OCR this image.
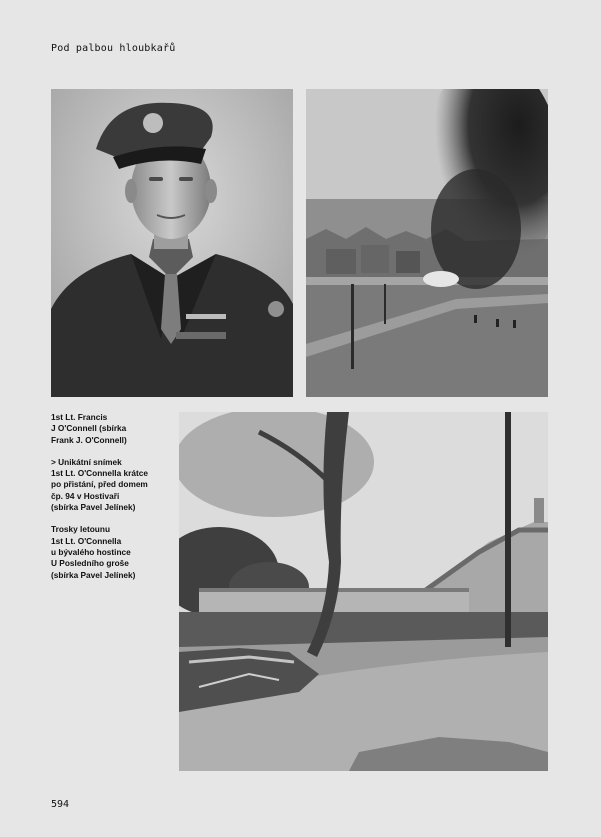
Pod palbou hloubkařů

1st Lt. Francis
J O'Connell (sbírka
Frank J. O'Connell)

> Unikátní snímek
1st Lt. O'Connella krátce
po přistání, před domem
čp. 94 v Hostivaři
(sbírka Pavel Jelínek)

Trosky letounu
1st Lt. O'Connella
u bývalého hostince
U Posledního groše
(sbírka Pavel Jelínek)

594
